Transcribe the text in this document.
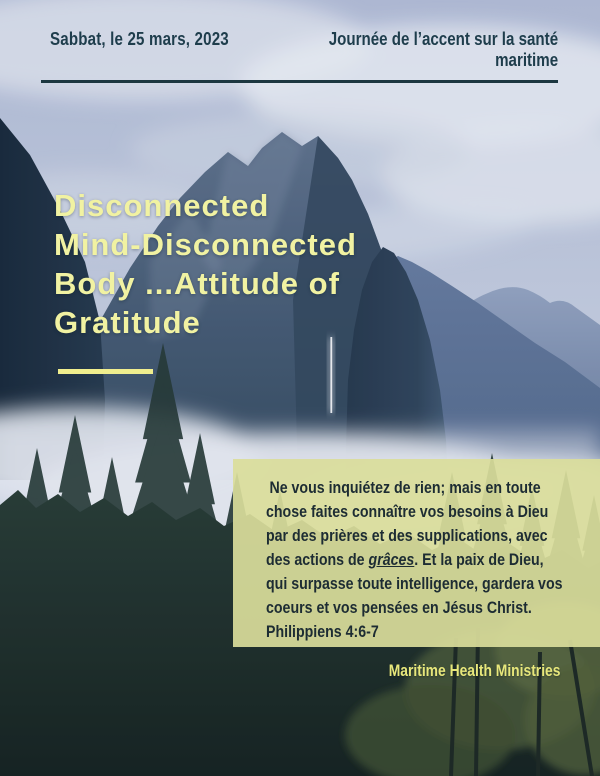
Sabbat, le 25 mars, 2023	Journée de l’accent sur la santé
maritime
Disconnected
Mind-Disconnected
Body ...Attitude of
Gratitude
Ne vous inquiétez de rien; mais en toute
chose faites connaître vos besoins à Dieu
par des prières et des supplications, avec
des actions de grâces. Et la paix de Dieu,
qui surpasse toute intelligence, gardera vos
coeurs et vos pensées en Jésus Christ.
Philippiens 4:6-7
Maritime Health Ministries
